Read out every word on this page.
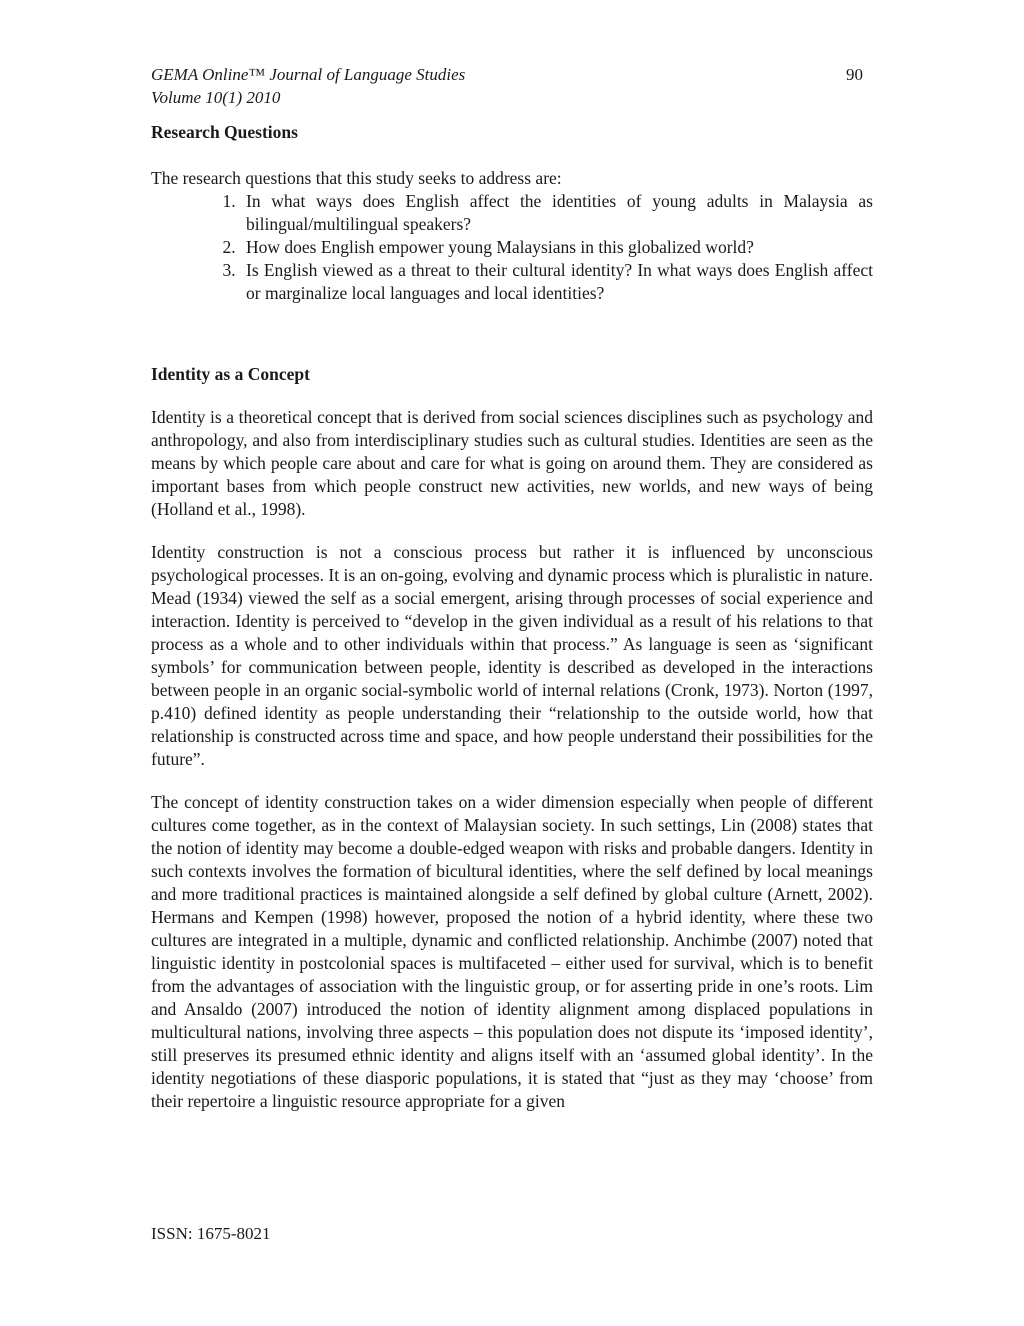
GEMA Online™ Journal of Language Studies
Volume 10(1) 2010
90
Research Questions

The research questions that this study seeks to address are:

1. In what ways does English affect the identities of young adults in Malaysia as bilingual/multilingual speakers?
2. How does English empower young Malaysians in this globalized world?
3. Is English viewed as a threat to their cultural identity? In what ways does English affect or marginalize local languages and local identities?
Identity as a Concept

Identity is a theoretical concept that is derived from social sciences disciplines such as psychology and anthropology, and also from interdisciplinary studies such as cultural studies. Identities are seen as the means by which people care about and care for what is going on around them. They are considered as important bases from which people construct new activities, new worlds, and new ways of being (Holland et al., 1998).

Identity construction is not a conscious process but rather it is influenced by unconscious psychological processes. It is an on-going, evolving and dynamic process which is pluralistic in nature. Mead (1934) viewed the self as a social emergent, arising through processes of social experience and interaction. Identity is perceived to “develop in the given individual as a result of his relations to that process as a whole and to other individuals within that process.” As language is seen as ‘significant symbols’ for communication between people, identity is described as developed in the interactions between people in an organic social-symbolic world of internal relations (Cronk, 1973). Norton (1997, p.410) defined identity as people understanding their “relationship to the outside world, how that relationship is constructed across time and space, and how people understand their possibilities for the future”.

The concept of identity construction takes on a wider dimension especially when people of different cultures come together, as in the context of Malaysian society. In such settings, Lin (2008) states that the notion of identity may become a double-edged weapon with risks and probable dangers. Identity in such contexts involves the formation of bicultural identities, where the self defined by local meanings and more traditional practices is maintained alongside a self defined by global culture (Arnett, 2002). Hermans and Kempen (1998) however, proposed the notion of a hybrid identity, where these two cultures are integrated in a multiple, dynamic and conflicted relationship. Anchimbe (2007) noted that linguistic identity in postcolonial spaces is multifaceted – either used for survival, which is to benefit from the advantages of association with the linguistic group, or for asserting pride in one’s roots. Lim and Ansaldo (2007) introduced the notion of identity alignment among displaced populations in multicultural nations, involving three aspects – this population does not dispute its ‘imposed identity’, still preserves its presumed ethnic identity and aligns itself with an ‘assumed global identity’. In the identity negotiations of these diasporic populations, it is stated that “just as they may ‘choose’ from their repertoire a linguistic resource appropriate for a given

ISSN: 1675-8021
